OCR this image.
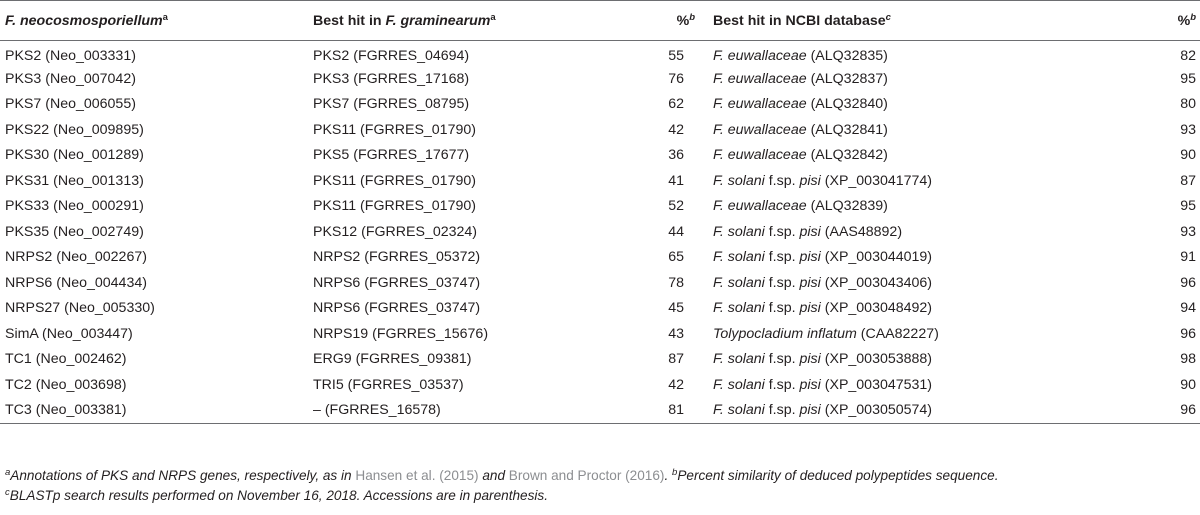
F. neocosmosporiellum$^a$	Best hit in F. graminearum$^a$	%$^b$	Best hit in NCBI database$^c$	%$^b$
PKS2 (Neo_003331)	PKS2 (FGRRES_04694)	55	F. euwallaceae (ALQ32835)	82
PKS3 (Neo_007042)	PKS3 (FGRRES_17168)	76	F. euwallaceae (ALQ32837)	95
PKS7 (Neo_006055)	PKS7 (FGRRES_08795)	62	F. euwallaceae (ALQ32840)	80
PKS22 (Neo_009895)	PKS11 (FGRRES_01790)	42	F. euwallaceae (ALQ32841)	93
PKS30 (Neo_001289)	PKS5 (FGRRES_17677)	36	F. euwallaceae (ALQ32842)	90
PKS31 (Neo_001313)	PKS11 (FGRRES_01790)	41	F. solani f.sp. pisi (XP_003041774)	87
PKS33 (Neo_000291)	PKS11 (FGRRES_01790)	52	F. euwallaceae (ALQ32839)	95
PKS35 (Neo_002749)	PKS12 (FGRRES_02324)	44	F. solani f.sp. pisi (AAS48892)	93
NRPS2 (Neo_002267)	NRPS2 (FGRRES_05372)	65	F. solani f.sp. pisi (XP_003044019)	91
NRPS6 (Neo_004434)	NRPS6 (FGRRES_03747)	78	F. solani f.sp. pisi (XP_003043406)	96
NRPS27 (Neo_005330)	NRPS6 (FGRRES_03747)	45	F. solani f.sp. pisi (XP_003048492)	94
SimA (Neo_003447)	NRPS19 (FGRRES_15676)	43	Tolypocladium inflatum (CAA82227)	96
TC1 (Neo_002462)	ERG9 (FGRRES_09381)	87	F. solani f.sp. pisi (XP_003053888)	98
TC2 (Neo_003698)	TRI5 (FGRRES_03537)	42	F. solani f.sp. pisi (XP_003047531)	90
TC3 (Neo_003381)	– (FGRRES_16578)	81	F. solani f.sp. pisi (XP_003050574)	96
$^a$Annotations of PKS and NRPS genes, respectively, as in Hansen et al. (2015) and Brown and Proctor (2016). $^b$Percent similarity of deduced polypeptides sequence.
$^c$BLASTp search results performed on November 16, 2018. Accessions are in parenthesis.
